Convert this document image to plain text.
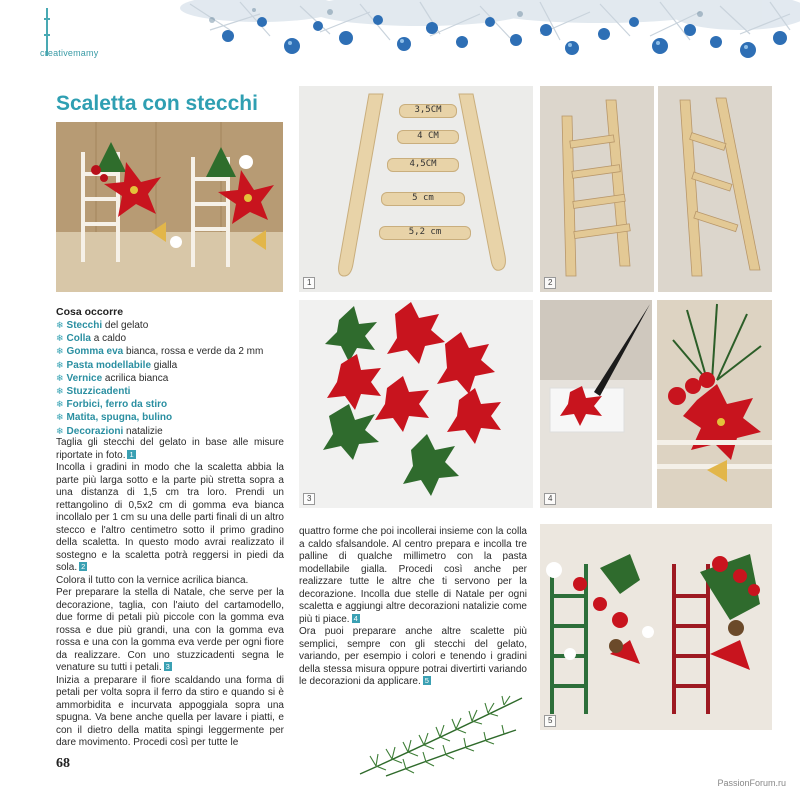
creativemamy
Scaletta con stecchi	3,5CM
4 CM
4,5CM
5 cm
5,2 cm
1	2
3	4
5
Cosa occorre
❄ Stecchi del gelato
❄ Colla a caldo
❄ Gomma eva bianca, rossa e verde da 2 mm
❄ Pasta modellabile gialla
❄ Vernice acrilica bianca
❄ Stuzzicadenti
❄ Forbici, ferro da stiro
❄ Matita, spugna, bulino
❄ Decorazioni natalizie

Taglia gli stecchi del gelato in base alle misure riportate in foto. 1

Incolla i gradini in modo che la scaletta abbia la parte più larga sotto e la parte più stretta sopra a una distanza di 1,5 cm tra loro. Prendi un rettangolino di 0,5x2 cm di gomma eva bianca incollalo per 1 cm su una delle parti finali di un altro stecco e l'altro centimetro sotto il primo gradino della scaletta. In questo modo avrai realizzato il sostegno e la scaletta potrà reggersi in piedi da sola. 2

Colora il tutto con la vernice acrilica bianca.

Per preparare la stella di Natale, che serve per la decorazione, taglia, con l'aiuto del cartamodello, due forme di petali più piccole con la gomma eva rossa e due più grandi, una con la gomma eva rossa e una con la gomma eva verde per ogni fiore da realizzare. Con uno stuzzicadenti segna le venature su tutti i petali. 3

Inizia a preparare il fiore scaldando una forma di petali per volta sopra il ferro da stiro e quando si è ammorbidita e incurvata appoggiala sopra una spugna. Va bene anche quella per lavare i piatti, e con il dietro della matita spingi leggermente per dare movimento. Procedi così per tutte le

quattro forme che poi incollerai insieme con la colla a caldo sfalsandole. Al centro prepara e incolla tre palline di qualche millimetro con la pasta modellabile gialla. Procedi così anche per realizzare tutte le altre che ti servono per la decorazione. Incolla due stelle di Natale per ogni scaletta e aggiungi altre decorazioni natalizie come più ti piace. 4

Ora puoi preparare anche altre scalette più semplici, sempre con gli stecchi del gelato, variando, per esempio i colori e tenendo i gradini della stessa misura oppure potrai divertirti variando le decorazioni da applicare. 5

68
PassionForum.ru
